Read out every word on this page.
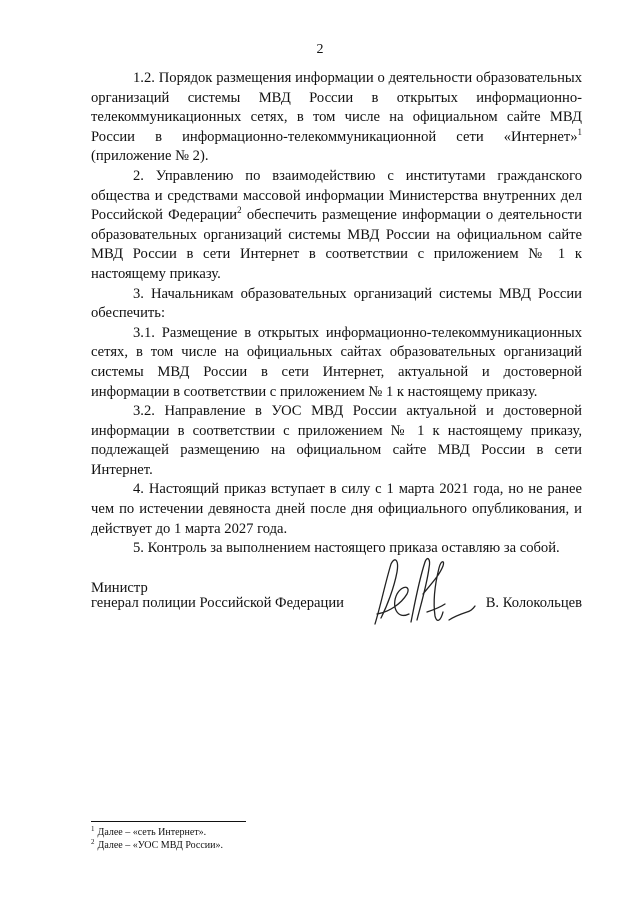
2

1.2. Порядок размещения информации о деятельности образовательных организаций системы МВД России в открытых информационно-телекоммуникационных сетях, в том числе на официальном сайте МВД России в информационно-телекоммуникационной сети «Интернет»$^1$ (приложение № 2).

2. Управлению по взаимодействию с институтами гражданского общества и средствами массовой информации Министерства внутренних дел Российской Федерации$^2$ обеспечить размещение информации о деятельности образовательных организаций системы МВД России на официальном сайте МВД России в сети Интернет в соответствии с приложением № 1 к настоящему приказу.

3. Начальникам образовательных организаций системы МВД России обеспечить:

3.1. Размещение в открытых информационно-телекоммуникационных сетях, в том числе на официальных сайтах образовательных организаций системы МВД России в сети Интернет, актуальной и достоверной информации в соответствии с приложением № 1 к настоящему приказу.

3.2. Направление в УОС МВД России актуальной и достоверной информации в соответствии с приложением № 1 к настоящему приказу, подлежащей размещению на официальном сайте МВД России в сети Интернет.

4. Настоящий приказ вступает в силу с 1 марта 2021 года, но не ранее чем по истечении девяноста дней после дня официального опубликования, и действует до 1 марта 2027 года.

5. Контроль за выполнением настоящего приказа оставляю за собой.

Министр
генерал полиции Российской Федерации	В. Колокольцев
$^1$ Далее – «сеть Интернет».
$^2$ Далее – «УОС МВД России».
